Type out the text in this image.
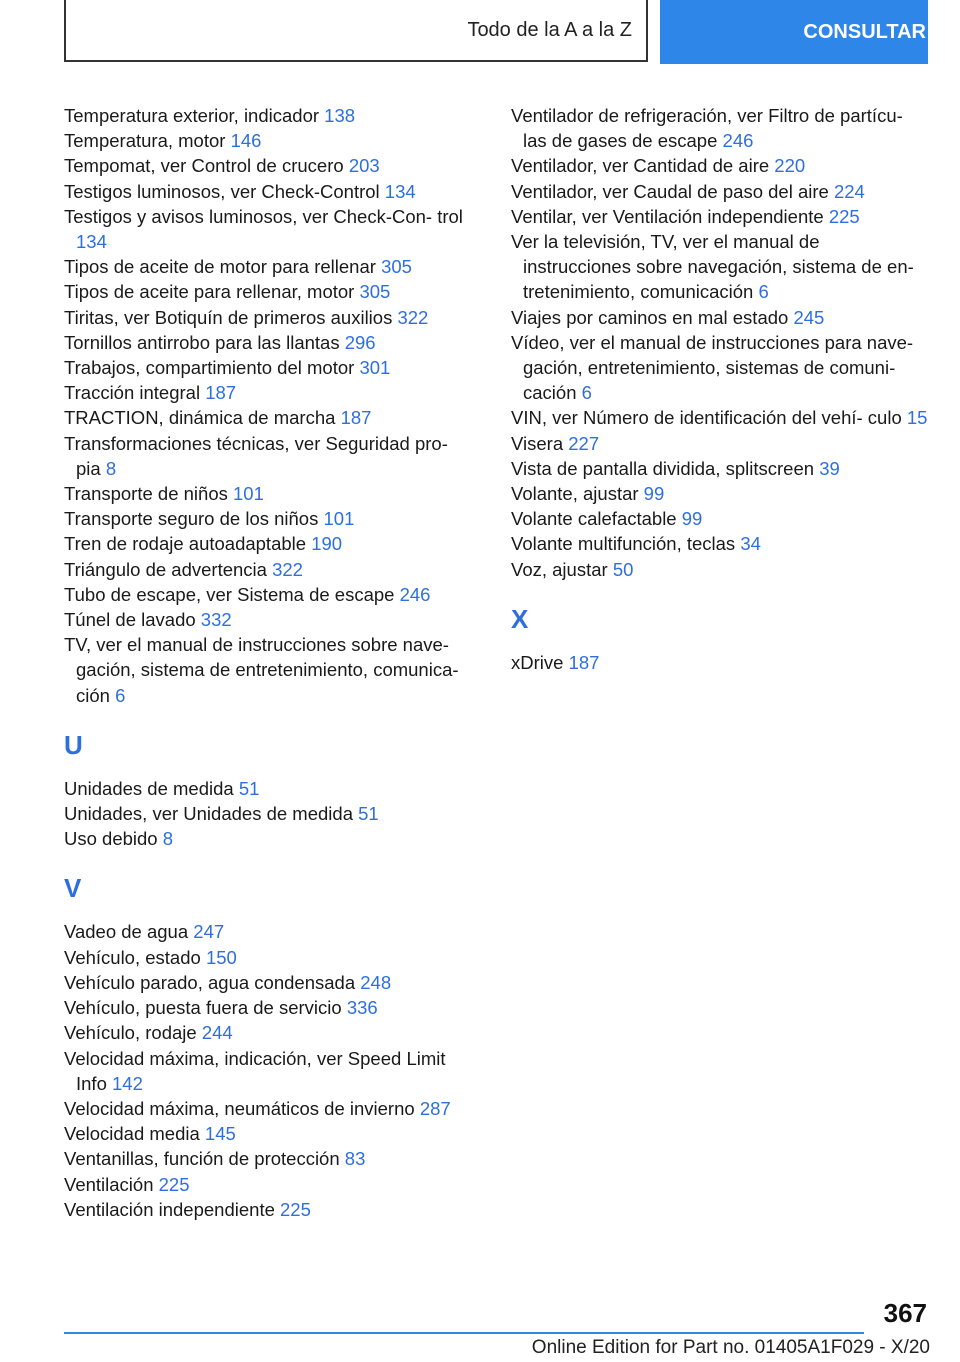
Todo de la A a la Z	CONSULTAR

Temperatura exterior, indicador 138

Temperatura, motor 146

Tempomat, ver Control de crucero 203

Testigos luminosos, ver Check-Control 134

Testigos y avisos luminosos, ver Check-Con‐ trol 134

Tipos de aceite de motor para rellenar 305

Tipos de aceite para rellenar, motor 305

Tiritas, ver Botiquín de primeros auxilios 322

Tornillos antirrobo para las llantas 296

Trabajos, compartimiento del motor 301

Tracción integral 187

TRACTION, dinámica de marcha 187

Transformaciones técnicas, ver Seguridad pro‐ pia 8

Transporte de niños 101

Transporte seguro de los niños 101

Tren de rodaje autoadaptable 190

Triángulo de advertencia 322

Tubo de escape, ver Sistema de escape 246

Túnel de lavado 332

TV, ver el manual de instrucciones sobre nave‐ gación, sistema de entretenimiento, comunica‐ ción 6

U

Unidades de medida 51

Unidades, ver Unidades de medida 51

Uso debido 8

V

Vadeo de agua 247

Vehículo, estado 150

Vehículo parado, agua condensada 248

Vehículo, puesta fuera de servicio 336

Vehículo, rodaje 244

Velocidad máxima, indicación, ver Speed Limit Info 142

Velocidad máxima, neumáticos de invierno 287

Velocidad media 145

Ventanillas, función de protección 83

Ventilación 225

Ventilación independiente 225

Ventilador de refrigeración, ver Filtro de partícu‐ las de gases de escape 246

Ventilador, ver Cantidad de aire 220

Ventilador, ver Caudal de paso del aire 224

Ventilar, ver Ventilación independiente 225

Ver la televisión, TV, ver el manual de instrucciones sobre navegación, sistema de en‐ tretenimiento, comunicación 6

Viajes por caminos en mal estado 245

Vídeo, ver el manual de instrucciones para nave‐ gación, entretenimiento, sistemas de comuni‐ cación 6

VIN, ver Número de identificación del vehí‐ culo 15

Visera 227

Vista de pantalla dividida, splitscreen 39

Volante, ajustar 99

Volante calefactable 99

Volante multifunción, teclas 34

Voz, ajustar 50

X

xDrive 187

367
Online Edition for Part no. 01405A1F029 - X/20
